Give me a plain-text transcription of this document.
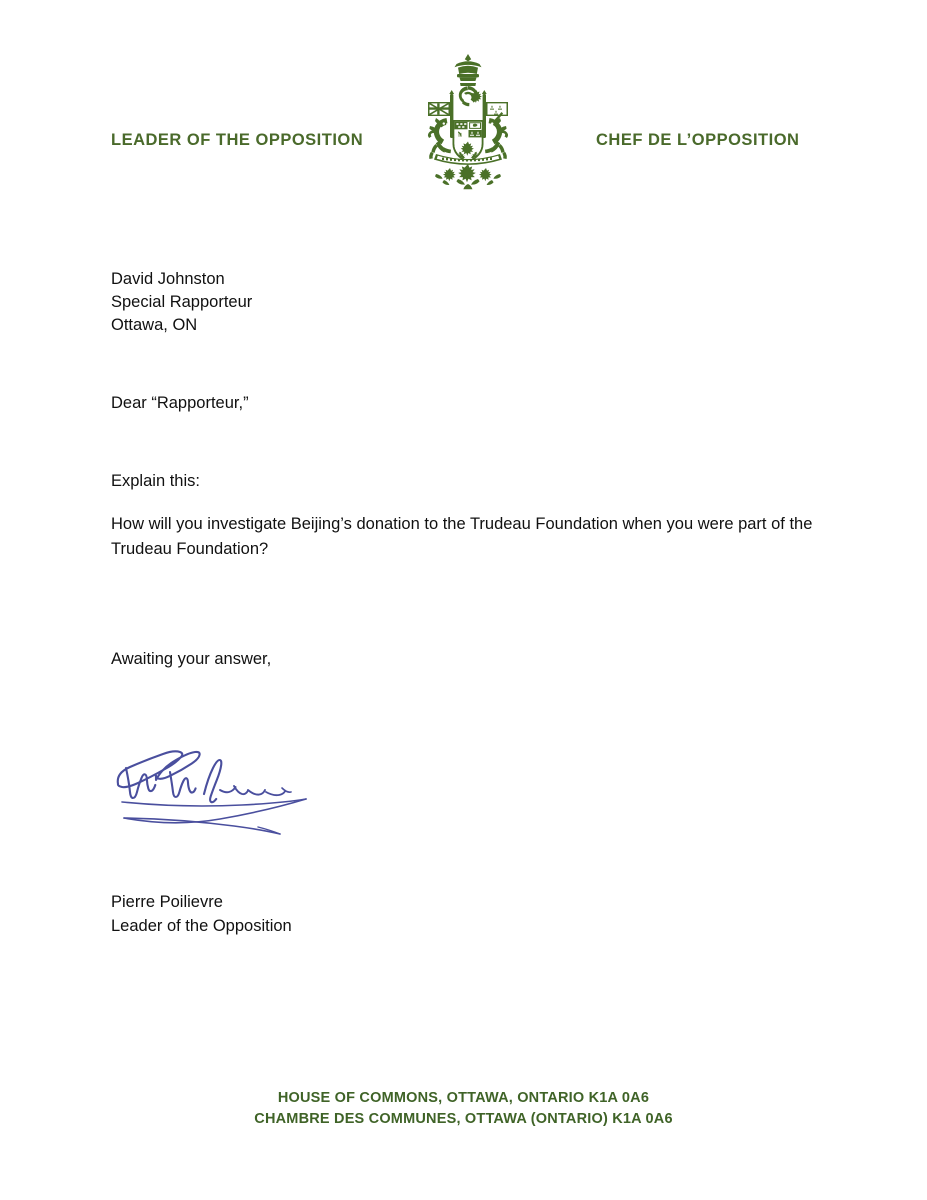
LEADER OF THE OPPOSITION	CHEF DE L’OPPOSITION
David Johnston
Special Rapporteur
Ottawa, ON
Dear “Rapporteur,”
Explain this:
How will you investigate Beijing’s donation to the Trudeau Foundation when you were part of the Trudeau Foundation?
Awaiting your answer,
Pierre Poilievre
Leader of the Opposition
HOUSE OF COMMONS, OTTAWA, ONTARIO K1A 0A6
CHAMBRE DES COMMUNES, OTTAWA (ONTARIO) K1A 0A6
